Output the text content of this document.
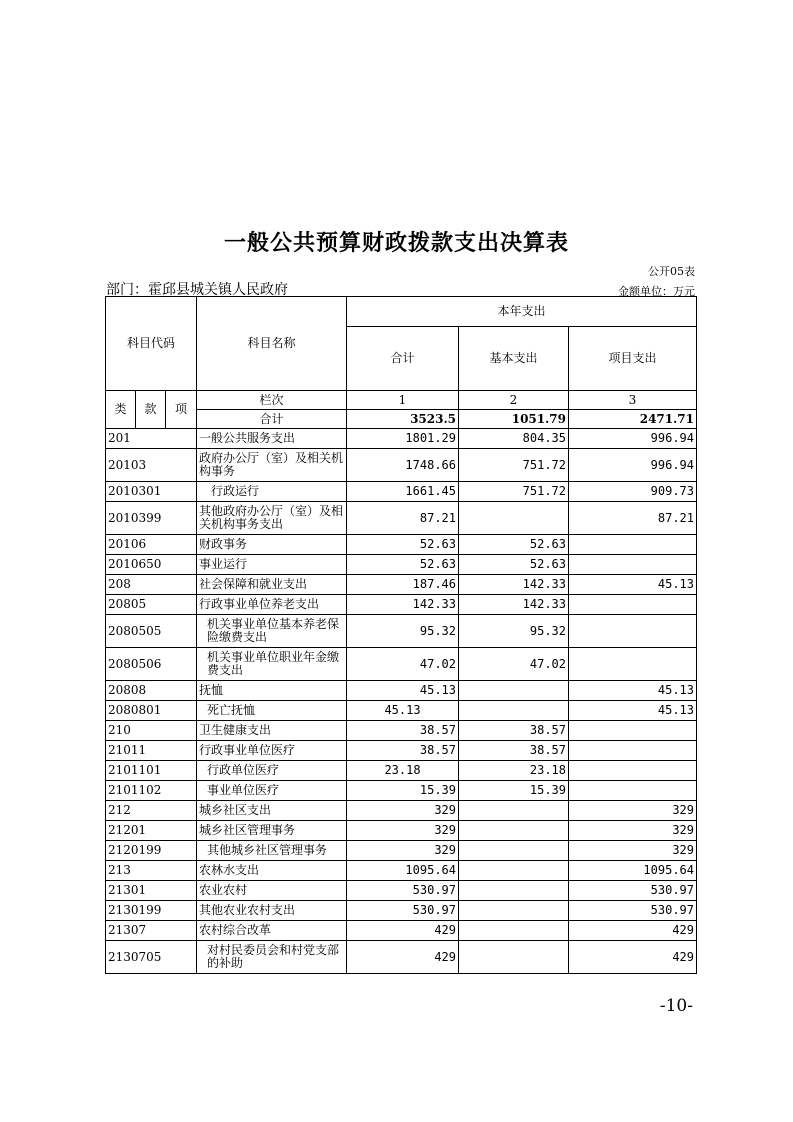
一般公共预算财政拨款支出决算表
公开05表
部门：霍邱县城关镇人民政府	金额单位：万元
科目代码			科目名称	本年支出		
				合计	基本支出	项目支出
类	款	项	栏次	1	2	3
			合计	3523.5	1051.79	2471.71
201			一般公共服务支出	1801.29	804.35	996.94
20103			政府办公厅（室）及相关机构事务	1748.66	751.72	996.94
2010301			行政运行	1661.45	751.72	909.73
2010399			其他政府办公厅（室）及相关机构事务支出	87.21		87.21
20106			财政事务	52.63	52.63	
2010650			事业运行	52.63	52.63	
208			社会保障和就业支出	187.46	142.33	45.13
20805			行政事业单位养老支出	142.33	142.33	
2080505			机关事业单位基本养老保险缴费支出	95.32	95.32	
2080506			机关事业单位职业年金缴费支出	47.02	47.02	
20808			抚恤	45.13		45.13
2080801			死亡抚恤	45.13		45.13
210			卫生健康支出	38.57	38.57	
21011			行政事业单位医疗	38.57	38.57	
2101101			行政单位医疗	23.18	23.18	
2101102			事业单位医疗	15.39	15.39	
212			城乡社区支出	329		329
21201			城乡社区管理事务	329		329
2120199			其他城乡社区管理事务	329		329
213			农林水支出	1095.64		1095.64
21301			农业农村	530.97		530.97
2130199			其他农业农村支出	530.97		530.97
21307			农村综合改革	429		429
2130705			对村民委员会和村党支部的补助	429		429
-10-
